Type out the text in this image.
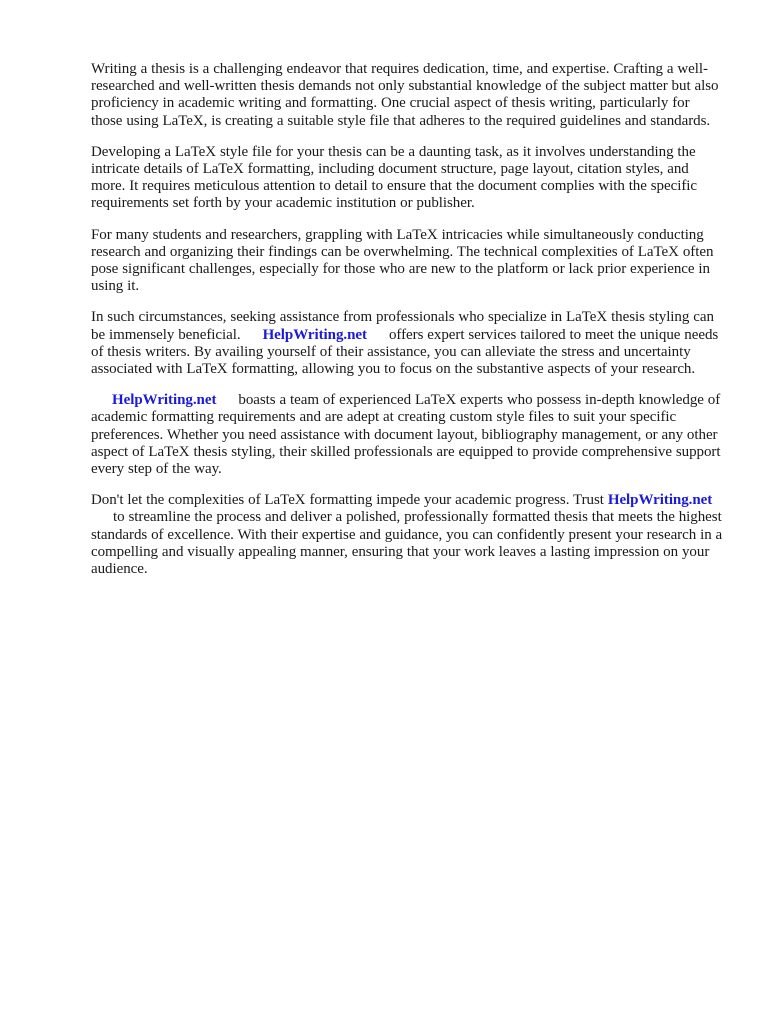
Writing a thesis is a challenging endeavor that requires dedication, time, and expertise. Crafting a well-researched and well-written thesis demands not only substantial knowledge of the subject matter but also proficiency in academic writing and formatting. One crucial aspect of thesis writing, particularly for those using LaTeX, is creating a suitable style file that adheres to the required guidelines and standards.

Developing a LaTeX style file for your thesis can be a daunting task, as it involves understanding the intricate details of LaTeX formatting, including document structure, page layout, citation styles, and more. It requires meticulous attention to detail to ensure that the document complies with the specific requirements set forth by your academic institution or publisher.

For many students and researchers, grappling with LaTeX intricacies while simultaneously conducting research and organizing their findings can be overwhelming. The technical complexities of LaTeX often pose significant challenges, especially for those who are new to the platform or lack prior experience in using it.

In such circumstances, seeking assistance from professionals who specialize in LaTeX thesis styling can be immensely beneficial. HelpWriting.net offers expert services tailored to meet the unique needs of thesis writers. By availing yourself of their assistance, you can alleviate the stress and uncertainty associated with LaTeX formatting, allowing you to focus on the substantive aspects of your research.

HelpWriting.net boasts a team of experienced LaTeX experts who possess in-depth knowledge of academic formatting requirements and are adept at creating custom style files to suit your specific preferences. Whether you need assistance with document layout, bibliography management, or any other aspect of LaTeX thesis styling, their skilled professionals are equipped to provide comprehensive support every step of the way.

Don't let the complexities of LaTeX formatting impede your academic progress. Trust HelpWriting.netto streamline the process and deliver a polished, professionally formatted thesis that meets the highest standards of excellence. With their expertise and guidance, you can confidently present your research in a compelling and visually appealing manner, ensuring that your work leaves a lasting impression on your audience.
